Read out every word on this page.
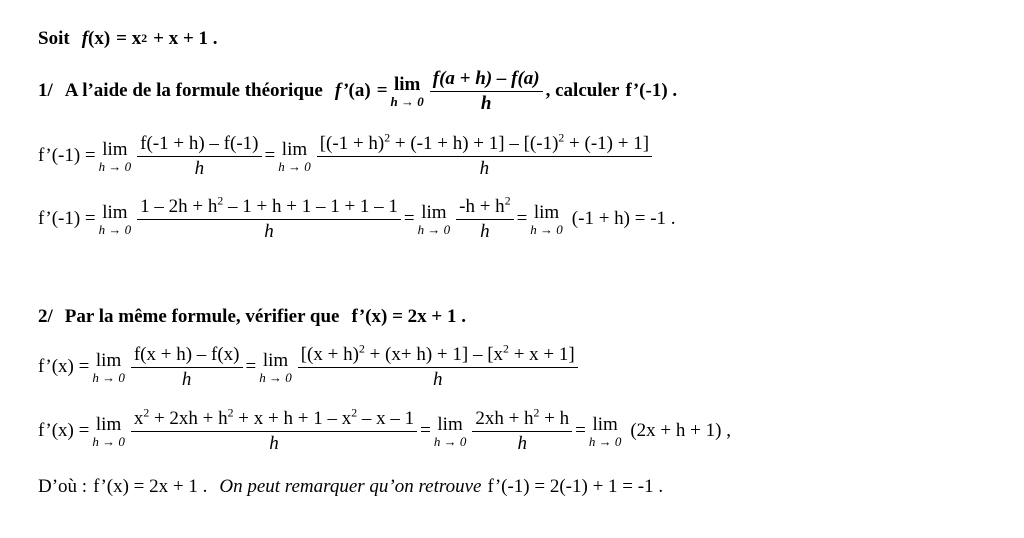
Soit f (x) = x 2 + x + 1 .
1/ A l’aide de la formule théorique f’ (a) = lim
$h \to 0 \frac{f(a + h) - f(a)}{h}$ , calculer f’(-1) .
f’(-1) = lim
$h \to 0 \frac{f(-1 + h) - f(-1)}{h} = \lim$
$h \to 0 \frac{[(-1 + h)^2 + (-1 + h) + 1] - [(-1)^2 + (-1) + 1]}{h}$
f’(-1) = lim
$h \to 0 \frac{1 - 2h + h^2 - 1 + h + 1 - 1 + 1 - 1}{h} = \lim$
$h \to 0 \frac{-h + h^2}{h} = \lim$
h → 0 (-1 + h) = -1 .
2/ Par la même formule, vérifier que f’(x) = 2x + 1 .
f’(x) = lim
$h \to 0 \frac{f(x + h) - f(x)}{h} = \lim$
$h \to 0 \frac{[(x + h)^2 + (x+ h) + 1] - [x^2 + x + 1]}{h}$
f’(x) = lim
$h \to 0 \frac{x^2 + 2xh + h^2 + x + h + 1 - x^2 - x - 1}{h} = \lim$
$h \to 0 \frac{2xh + h^2 + h}{h} = \lim$
h → 0 (2x + h + 1) ,
D’où : f’(x) = 2x + 1 . On peut remarquer qu’on retrouve f’(-1) = 2(-1) + 1 = -1 .
